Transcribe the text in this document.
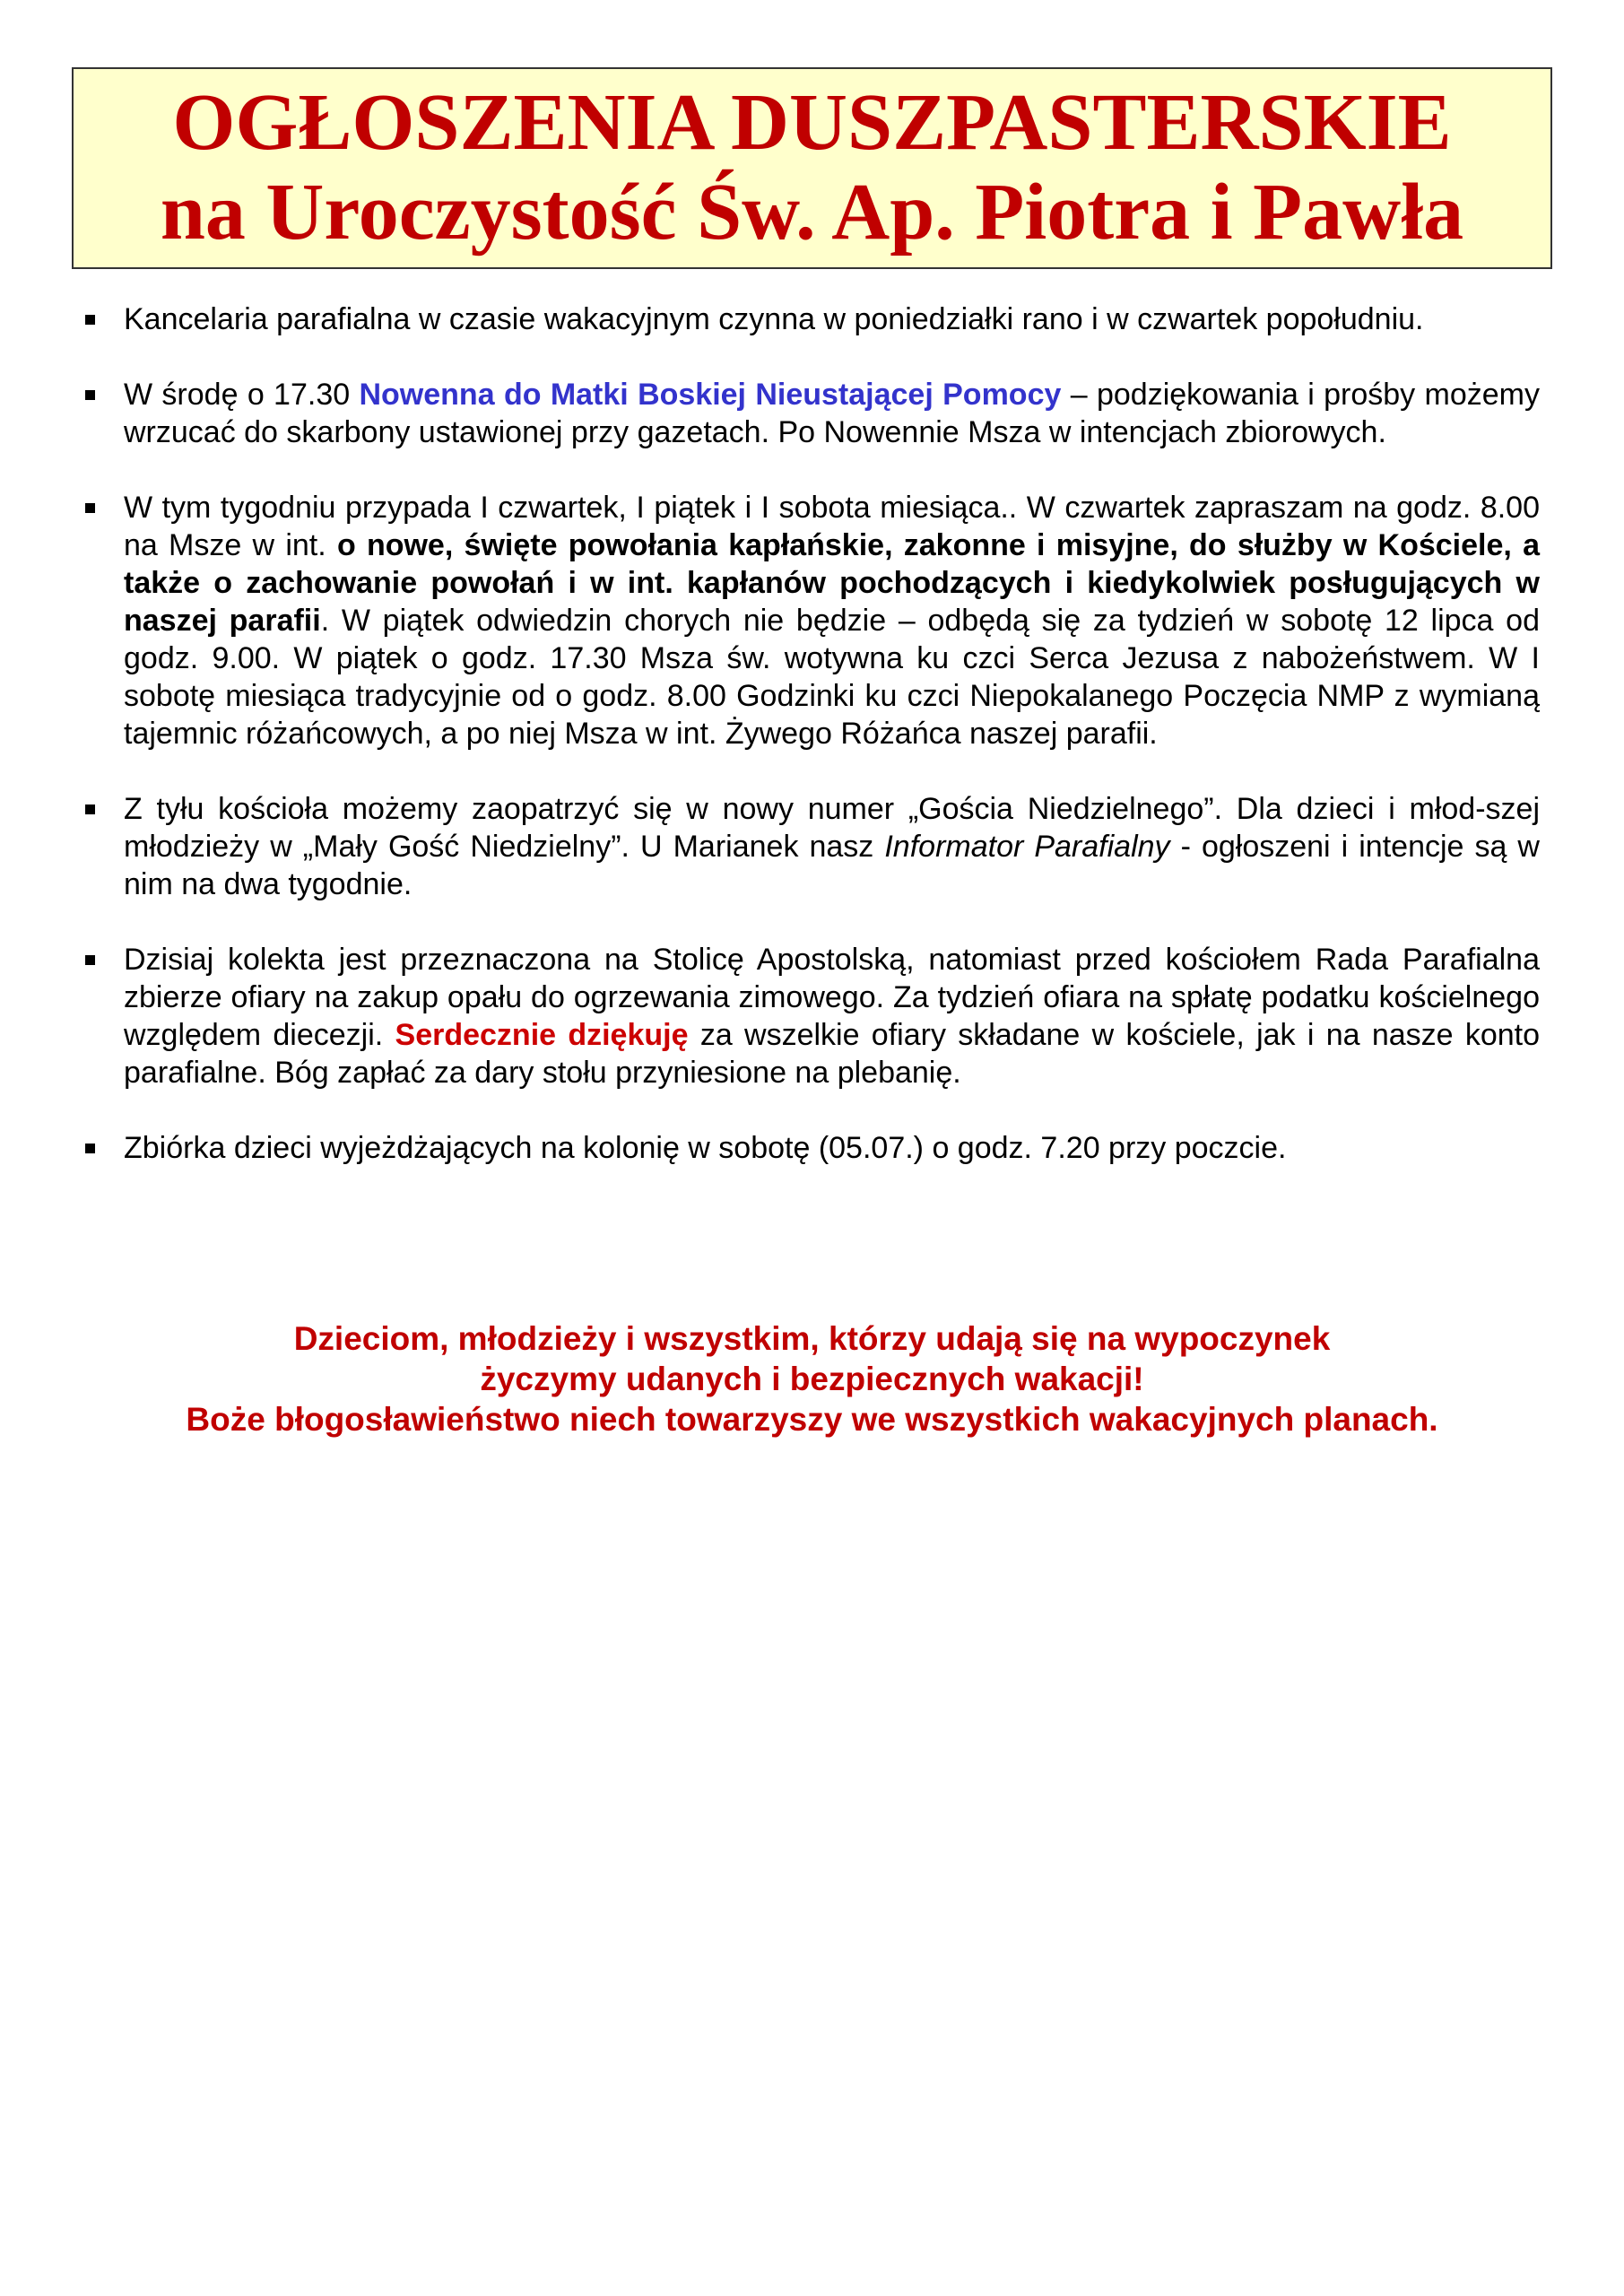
OGŁOSZENIA DUSZPASTERSKIE
na Uroczystość Św. Ap. Piotra i Pawła
Kancelaria parafialna w czasie wakacyjnym czynna w poniedziałki rano i w czwartek popołudniu.
W środę o 17.30 Nowenna do Matki Boskiej Nieustającej Pomocy – podziękowania i prośby możemy wrzucać do skarbony ustawionej przy gazetach. Po Nowennie Msza w intencjach zbiorowych.
W tym tygodniu przypada I czwartek, I piątek i I sobota miesiąca.. W czwartek zapraszam na godz. 8.00 na Msze w int. o nowe, święte powołania kapłańskie, zakonne i misyjne, do służby w Kościele, a także o zachowanie powołań i w int. kapłanów pochodzących i kiedykolwiek posługujących w naszej parafii. W piątek odwiedzin chorych nie będzie – odbędą się za tydzień w sobotę 12 lipca od godz. 9.00. W piątek o godz. 17.30 Msza św. wotywna ku czci Serca Jezusa z nabożeństwem. W I sobotę miesiąca tradycyjnie od o godz. 8.00 Godzinki ku czci Niepokalanego Poczęcia NMP z wymianą tajemnic różańcowych, a po niej Msza w int. Żywego Różańca naszej parafii.
Z tyłu kościoła możemy zaopatrzyć się w nowy numer „Gościa Niedzielnego”. Dla dzieci i młod-szej młodzieży w „Mały Gość Niedzielny”. U Marianek nasz Informator Parafialny - ogłoszeni i intencje są w nim na dwa tygodnie.
Dzisiaj kolekta jest przeznaczona na Stolicę Apostolską, natomiast przed kościołem Rada Parafialna zbierze ofiary na zakup opału do ogrzewania zimowego. Za tydzień ofiara na spłatę podatku kościelnego względem diecezji. Serdecznie dziękuję za wszelkie ofiary składane w kościele, jak i na nasze konto parafialne. Bóg zapłać za dary stołu przyniesione na plebanię.
Zbiórka dzieci wyjeżdżających na kolonię w sobotę (05.07.) o godz. 7.20 przy poczcie.
Dzieciom, młodzieży i wszystkim, którzy udają się na wypoczynek
życzymy udanych i bezpiecznych wakacji!
Boże błogosławieństwo niech towarzyszy we wszystkich wakacyjnych planach.
